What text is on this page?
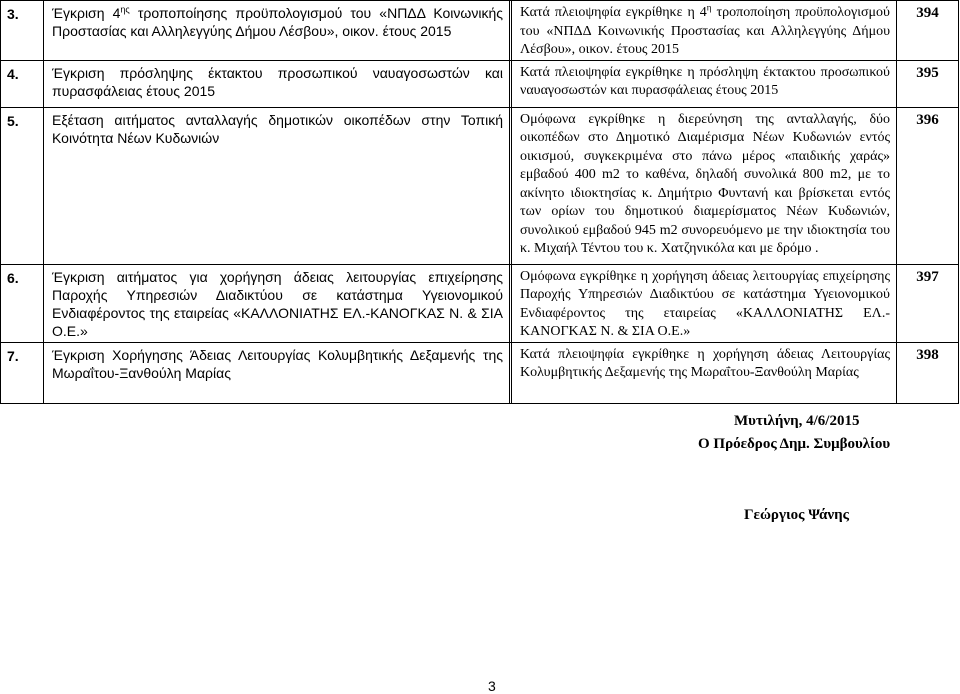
3.	Έγκριση $4^{\eta\varsigma}$ τροποποίησης προϋπολογισμού του «ΝΠΔΔ Κοινωνικής Προστασίας και Αλληλεγγύης Δήμου Λέσβου», οικον. έτους 2015		Κατά πλειοψηφία εγκρίθηκε η $4^\eta$ τροποποίηση προϋπολογισμού του «ΝΠΔΔ Κοινωνικής Προστασίας και Αλληλεγγύης Δήμου Λέσβου», οικον. έτους 2015	394
4.	Έγκριση πρόσληψης έκτακτου προσωπικού ναυαγοσωστών και πυρασφάλειας έτους 2015		Κατά πλειοψηφία εγκρίθηκε η πρόσληψη έκτακτου προσωπικού ναυαγοσωστών και πυρασφάλειας έτους 2015	395
5.	Εξέταση αιτήματος ανταλλαγής δημοτικών οικοπέδων στην Τοπική Κοινότητα Νέων Κυδωνιών		Ομόφωνα εγκρίθηκε η διερεύνηση της ανταλλαγής, δύο οικοπέδων στο Δημοτικό Διαμέρισμα Νέων Κυδωνιών εντός οικισμού, συγκεκριμένα στο πάνω μέρος «παιδικής χαράς» εμβαδού 400 m2 το καθένα, δηλαδή συνολικά 800 m2, με το ακίνητο ιδιοκτησίας κ. Δημήτριο Φυντανή και βρίσκεται εντός των ορίων του δημοτικού διαμερίσματος Νέων Κυδωνιών, συνολικού εμβαδού 945 m2 συνορευόμενο με την ιδιοκτησία του κ. Μιχαήλ Τέντου του κ. Χατζηνικόλα και με δρόμο .	396
6.	Έγκριση αιτήματος για χορήγηση άδειας λειτουργίας επιχείρησης Παροχής Υπηρεσιών Διαδικτύου σε κατάστημα Υγειονομικού Ενδιαφέροντος της εταιρείας «ΚΑΛΛΟΝΙΑΤΗΣ ΕΛ.-ΚΑΝΟΓΚΑΣ Ν. & ΣΙΑ Ο.Ε.»		Ομόφωνα εγκρίθηκε η χορήγηση άδειας λειτουργίας επιχείρησης Παροχής Υπηρεσιών Διαδικτύου σε κατάστημα Υγειονομικού Ενδιαφέροντος της εταιρείας «ΚΑΛΛΟΝΙΑΤΗΣ ΕΛ.-ΚΑΝΟΓΚΑΣ Ν. & ΣΙΑ Ο.Ε.»	397
7.	Έγκριση Χορήγησης Άδειας Λειτουργίας Κολυμβητικής Δεξαμενής της Μωραΐτου-Ξανθούλη Μαρίας		Κατά πλειοψηφία εγκρίθηκε η χορήγηση άδειας Λειτουργίας Κολυμβητικής Δεξαμενής της Μωραΐτου-Ξανθούλη Μαρίας	398
Μυτιλήνη, 4/6/2015
Ο Πρόεδρος Δημ. Συμβουλίου
Γεώργιος Ψάνης
3
